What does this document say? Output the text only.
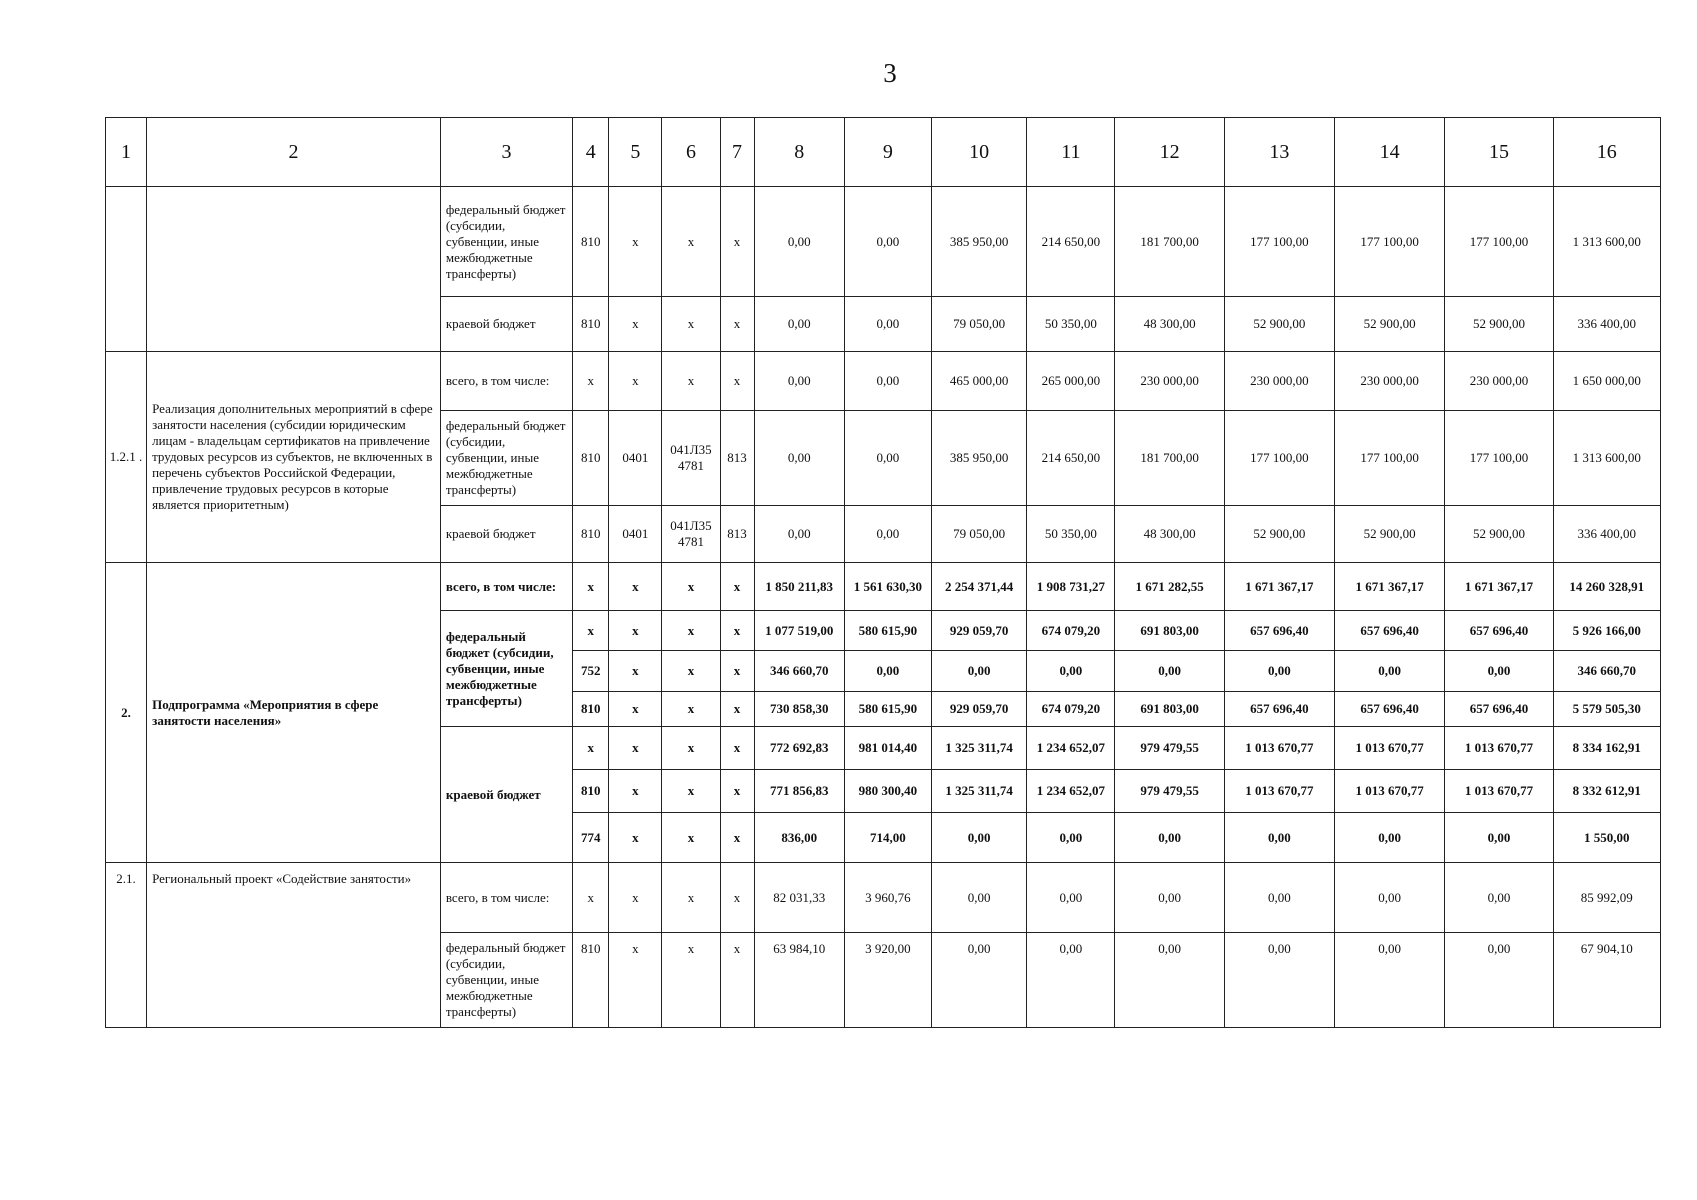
3
1	2	3	4	5	6	7	8	9	10	11	12	13	14	15	16
		федеральный бюджет (субсидии, субвенции, иные межбюджетные трансферты)	810	x	x	x	0,00	0,00	385 950,00	214 650,00	181 700,00	177 100,00	177 100,00	177 100,00	1 313 600,00
		краевой бюджет	810	x	x	x	0,00	0,00	79 050,00	50 350,00	48 300,00	52 900,00	52 900,00	52 900,00	336 400,00
1.2.1 .	Реализация дополнительных мероприятий в сфере занятости населения (субсидии юридическим лицам - владельцам сертификатов на привлечение трудовых ресурсов из субъектов, не включенных в перечень субъектов Российской Федерации, привлечение трудовых ресурсов в которые является приоритетным)	всего, в том числе:	x	x	x	x	0,00	0,00	465 000,00	265 000,00	230 000,00	230 000,00	230 000,00	230 000,00	1 650 000,00
		федеральный бюджет (субсидии, субвенции, иные межбюджетные трансферты)	810	0401	041Л35 4781	813	0,00	0,00	385 950,00	214 650,00	181 700,00	177 100,00	177 100,00	177 100,00	1 313 600,00
		краевой бюджет	810	0401	041Л35 4781	813	0,00	0,00	79 050,00	50 350,00	48 300,00	52 900,00	52 900,00	52 900,00	336 400,00
2.	Подпрограмма «Мероприятия в сфере занятости населения»	всего, в том числе:	x	x	x	x	1 850 211,83	1 561 630,30	2 254 371,44	1 908 731,27	1 671 282,55	1 671 367,17	1 671 367,17	1 671 367,17	14 260 328,91
		федеральный бюджет (субсидии, субвенции, иные межбюджетные трансферты)	x	x	x	x	1 077 519,00	580 615,90	929 059,70	674 079,20	691 803,00	657 696,40	657 696,40	657 696,40	5 926 166,00
			752	x	x	x	346 660,70	0,00	0,00	0,00	0,00	0,00	0,00	0,00	346 660,70
			810	x	x	x	730 858,30	580 615,90	929 059,70	674 079,20	691 803,00	657 696,40	657 696,40	657 696,40	5 579 505,30
		краевой бюджет	x	x	x	x	772 692,83	981 014,40	1 325 311,74	1 234 652,07	979 479,55	1 013 670,77	1 013 670,77	1 013 670,77	8 334 162,91
			810	x	x	x	771 856,83	980 300,40	1 325 311,74	1 234 652,07	979 479,55	1 013 670,77	1 013 670,77	1 013 670,77	8 332 612,91
			774	x	x	x	836,00	714,00	0,00	0,00	0,00	0,00	0,00	0,00	1 550,00
2.1.	Региональный проект «Содействие занятости»	всего, в том числе:	x	x	x	x	82 031,33	3 960,76	0,00	0,00	0,00	0,00	0,00	0,00	85 992,09
		федеральный бюджет (субсидии, субвенции, иные межбюджетные трансферты)	810	x	x	x	63 984,10	3 920,00	0,00	0,00	0,00	0,00	0,00	0,00	67 904,10
